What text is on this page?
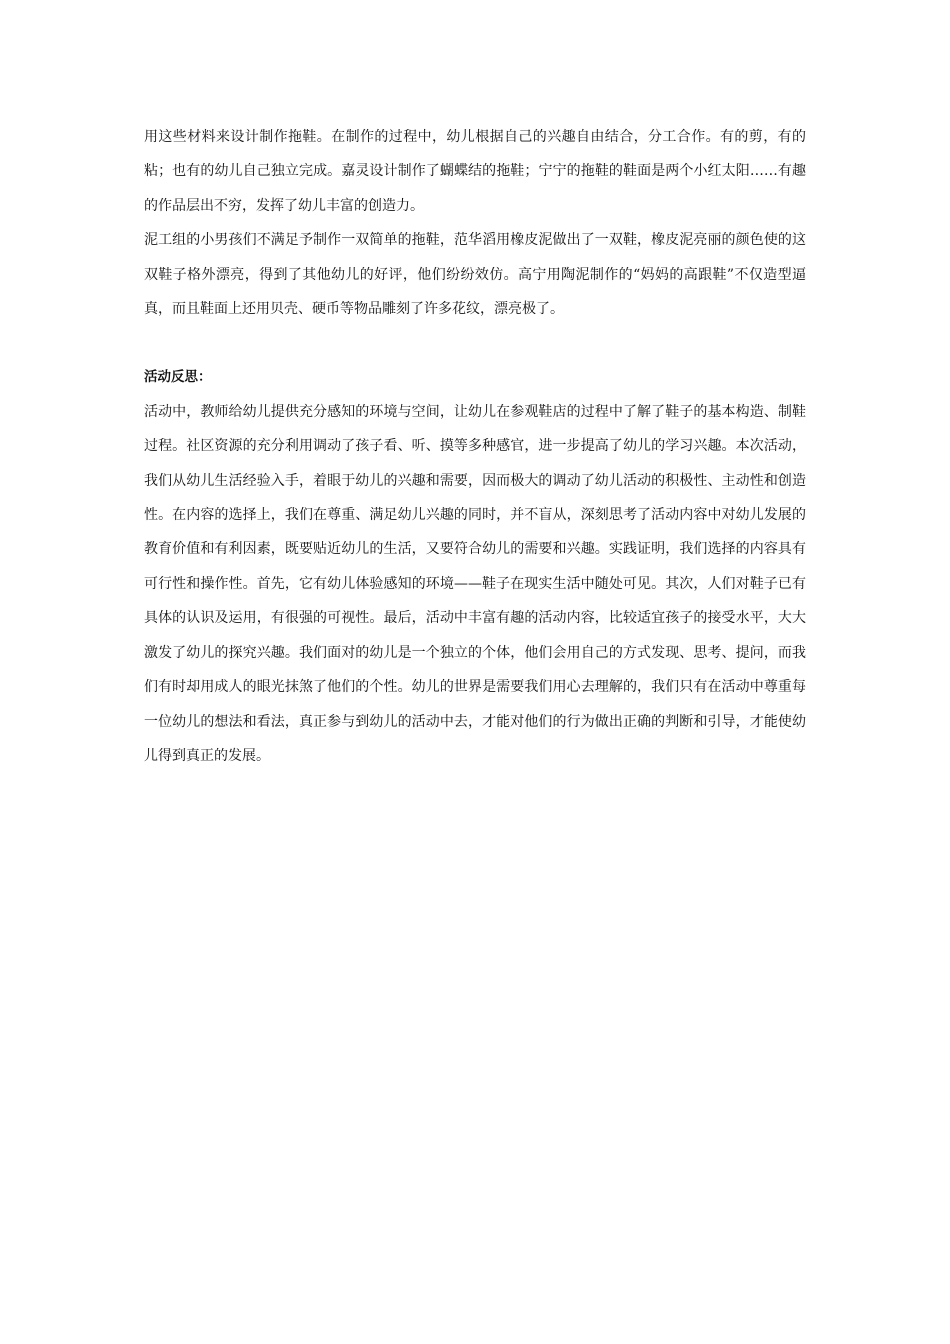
用这些材料来设计制作拖鞋。在制作的过程中，幼儿根据自己的兴趣自由结合，分工合作。有的剪，有的粘；也有的幼儿自己独立完成。嘉灵设计制作了蝴蝶结的拖鞋；宁宁的拖鞋的鞋面是两个小红太阳……有趣的作品层出不穷，发挥了幼儿丰富的创造力。

泥工组的小男孩们不满足予制作一双简单的拖鞋，范华滔用橡皮泥做出了一双鞋，橡皮泥亮丽的颜色使的这双鞋子格外漂亮，得到了其他幼儿的好评，他们纷纷效仿。高宁用陶泥制作的“妈妈的高跟鞋”不仅造型逼真，而且鞋面上还用贝壳、硬币等物品雕刻了许多花纹，漂亮极了。

活动反思：

活动中，教师给幼儿提供充分感知的环境与空间，让幼儿在参观鞋店的过程中了解了鞋子的基本构造、制鞋过程。社区资源的充分利用调动了孩子看、听、摸等多种感官，进一步提高了幼儿的学习兴趣。本次活动，我们从幼儿生活经验入手，着眼于幼儿的兴趣和需要，因而极大的调动了幼儿活动的积极性、主动性和创造性。在内容的选择上，我们在尊重、满足幼儿兴趣的同时，并不盲从，深刻思考了活动内容中对幼儿发展的教育价值和有利因素，既要贴近幼儿的生活，又要符合幼儿的需要和兴趣。实践证明，我们选择的内容具有可行性和操作性。首先，它有幼儿体验感知的环境——鞋子在现实生活中随处可见。其次，人们对鞋子已有具体的认识及运用，有很强的可视性。最后，活动中丰富有趣的活动内容，比较适宜孩子的接受水平，大大激发了幼儿的探究兴趣。我们面对的幼儿是一个独立的个体，他们会用自己的方式发现、思考、提问，而我们有时却用成人的眼光抹煞了他们的个性。幼儿的世界是需要我们用心去理解的，我们只有在活动中尊重每一位幼儿的想法和看法，真正参与到幼儿的活动中去，才能对他们的行为做出正确的判断和引导，才能使幼儿得到真正的发展。
